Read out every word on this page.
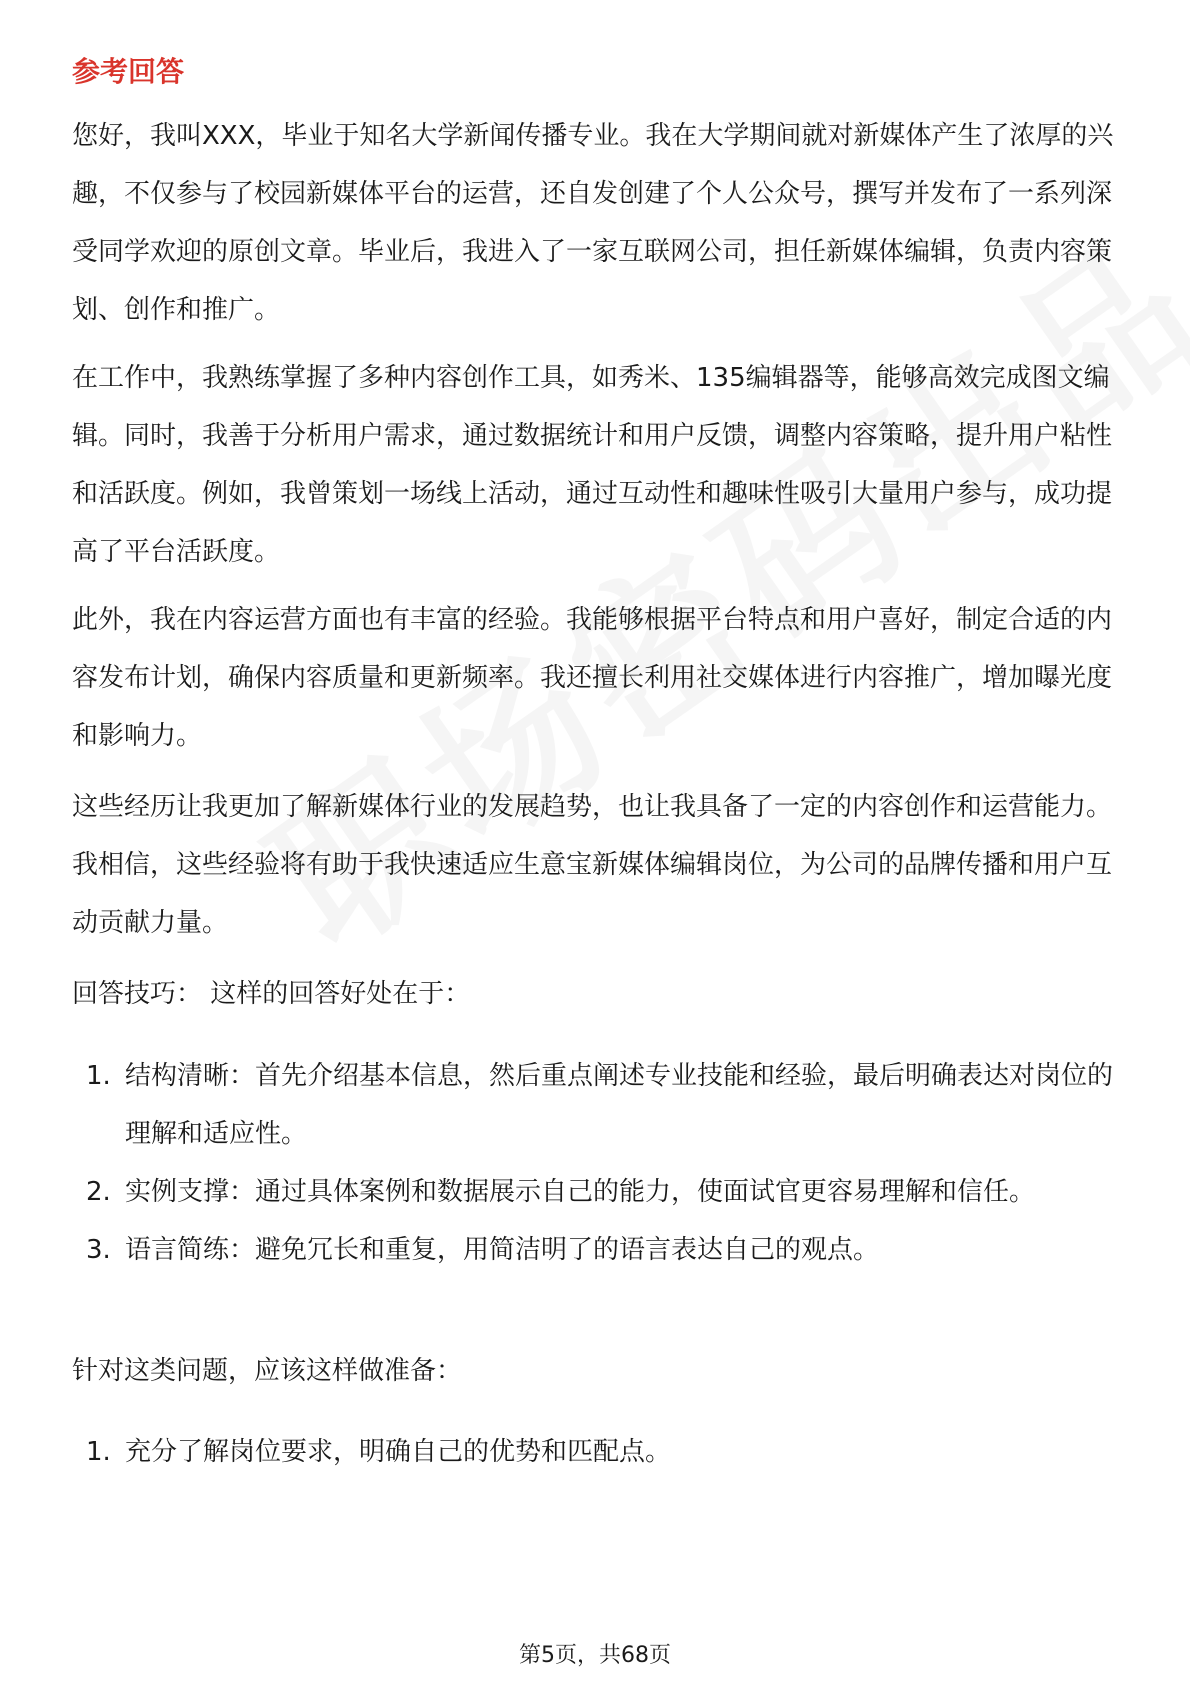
参考回答

您好，我叫XXX，毕业于知名大学新闻传播专业。我在大学期间就对新媒体产生了浓厚的兴趣，不仅参与了校园新媒体平台的运营，还自发创建了个人公众号，撰写并发布了一系列深受同学欢迎的原创文章。毕业后，我进入了一家互联网公司，担任新媒体编辑，负责内容策划、创作和推广。

在工作中，我熟练掌握了多种内容创作工具，如秀米、135编辑器等，能够高效完成图文编辑。同时，我善于分析用户需求，通过数据统计和用户反馈，调整内容策略，提升用户粘性和活跃度。例如，我曾策划一场线上活动，通过互动性和趣味性吸引大量用户参与，成功提高了平台活跃度。

此外，我在内容运营方面也有丰富的经验。我能够根据平台特点和用户喜好，制定合适的内容发布计划，确保内容质量和更新频率。我还擅长利用社交媒体进行内容推广，增加曝光度和影响力。

这些经历让我更加了解新媒体行业的发展趋势，也让我具备了一定的内容创作和运营能力。我相信，这些经验将有助于我快速适应生意宝新媒体编辑岗位，为公司的品牌传播和用户互动贡献力量。

回答技巧： 这样的回答好处在于：

1. 结构清晰：首先介绍基本信息，然后重点阐述专业技能和经验，最后明确表达对岗位的理解和适应性。
2. 实例支撑：通过具体案例和数据展示自己的能力，使面试官更容易理解和信任。
3. 语言简练：避免冗长和重复，用简洁明了的语言表达自己的观点。

针对这类问题，应该这样做准备：

1. 充分了解岗位要求，明确自己的优势和匹配点。
第5页，共68页
